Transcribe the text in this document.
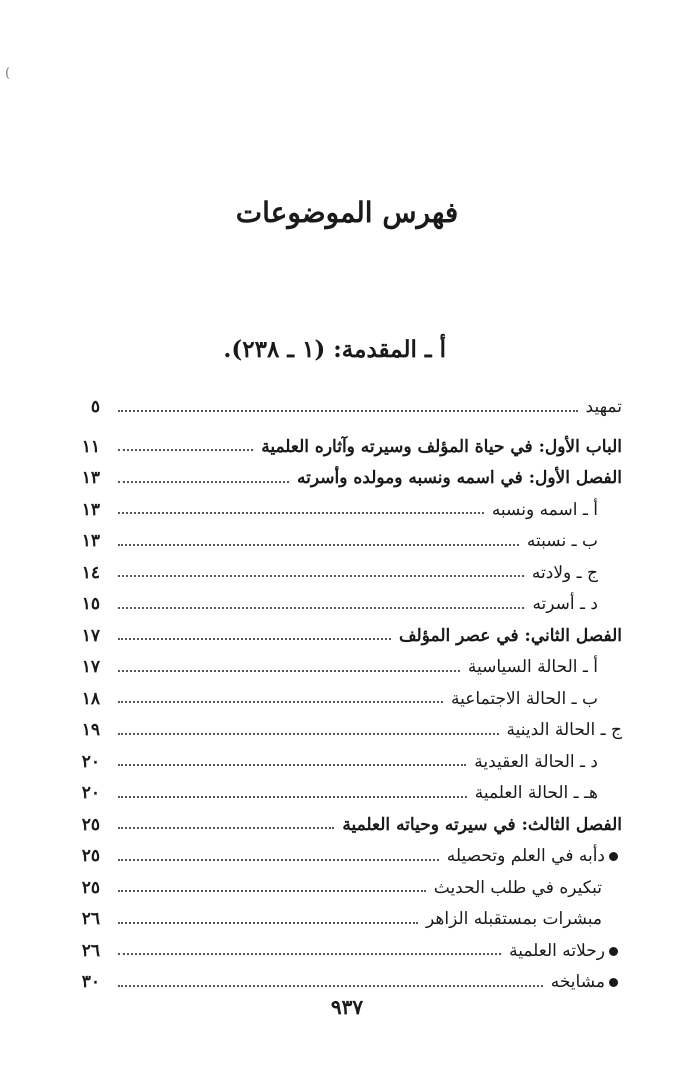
(
فهرس الموضوعات
أ ـ المقدمة: (١ ـ ٢٣٨).
تمهيد
٥
الباب الأول: في حياة المؤلف وسيرته وآثاره العلمية
١١
الفصل الأول: في اسمه ونسبه ومولده وأسرته
١٣
أ ـ اسمه ونسبه
١٣
ب ـ نسبته
١٣
ج ـ ولادته
١٤
د ـ أسرته
١٥
الفصل الثاني: في عصر المؤلف
١٧
أ ـ الحالة السياسية
١٧
ب ـ الحالة الاجتماعية
١٨
ج ـ الحالة الدينية
١٩
د ـ الحالة العقيدية
٢٠
هـ ـ الحالة العلمية
٢٠
الفصل الثالث: في سيرته وحياته العلمية
٢٥
دأبه في العلم وتحصيله
٢٥
تبكيره في طلب الحديث
٢٥
مبشرات بمستقبله الزاهر
٢٦
رحلاته العلمية
٢٦
مشايخه
٣٠
٩٣٧
